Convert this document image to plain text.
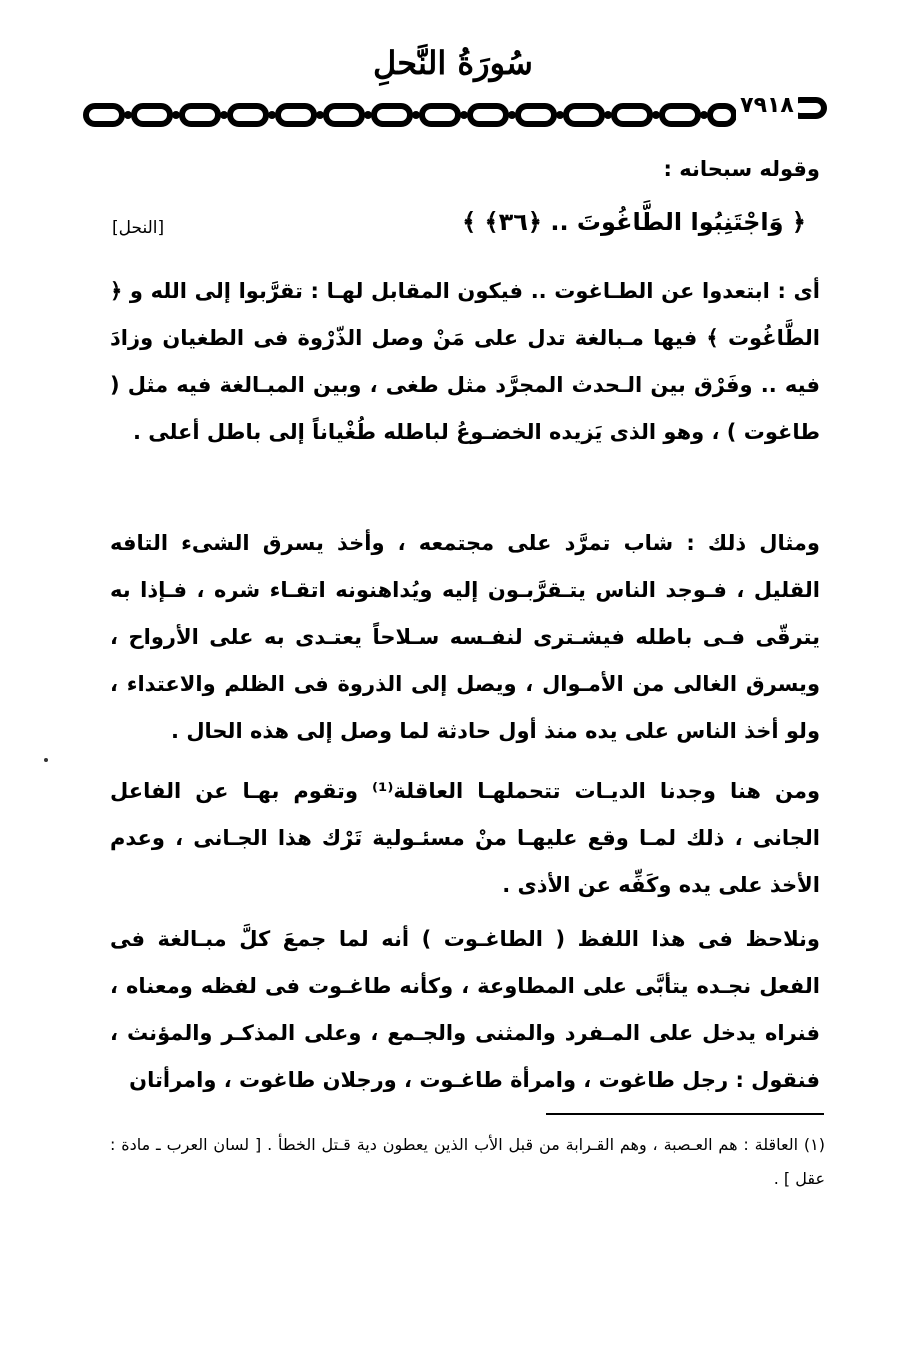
سُورَةُ النَّحلِ
٧٩١٨
وقوله سبحانه :
﴿ وَاجْتَنِبُوا الطَّاغُوتَ .. ﴿٣٦﴾ ﴾
[النحل]
أى : ابتعدوا عن الطـاغوت .. فيكون المقابل لهـا : تقرَّبوا إلى الله و ﴿ الطَّاغُوت ﴾ فيها مـبالغة تدل على مَنْ وصل الذّرْوة فى الطغيان وزادَ فيه .. وفَرْق بين الـحدث المجرَّد مثل طغى ، وبين المبـالغة فيه مثل ( طاغوت ) ، وهو الذى يَزيده الخضـوعُ لباطله طُغْياناً إلى باطل أعلى .
ومثال ذلك : شاب تمرَّد على مجتمعه ، وأخذ يسرق الشىء التافه القليل ، فـوجد الناس يتـقرَّبـون إليه ويُداهنونه اتقـاء شره ، فـإذا به يترقّى فـى باطله فيشـترى لنفـسه سـلاحاً يعتـدى به على الأرواح ، ويسرق الغالى من الأمـوال ، ويصل إلى الذروة فى الظلم والاعتداء ، ولو أخذ الناس على يده منذ أول حادثة لما وصل إلى هذه الحال .
ومن هنا وجدنا الديـات تتحملهـا العاقلة⁽¹⁾ وتقوم بهـا عن الفاعل الجانى ، ذلك لمـا وقع عليهـا منْ مسئـولية تَرْك هذا الجـانى ، وعدم الأخذ على يده وكَفِّه عن الأذى .
ونلاحظ فى هذا اللفظ ( الطاغـوت ) أنه لما جمعَ كلَّ مبـالغة فى الفعل نجـده يتأبَّى على المطاوعة ، وكأنه طاغـوت فى لفظه ومعناه ، فنراه يدخل على المـفرد والمثنى والجـمع ، وعلى المذكـر والمؤنث ، فنقول : رجل طاغوت ، وامرأة طاغـوت ، ورجلان طاغوت ، وامرأتان
(١) العاقلة : هم العـصبة ، وهم القـرابة من قبل الأب الذين يعطون دية قـتل الخطأ . [ لسان العرب ـ مادة : عقل ] .
